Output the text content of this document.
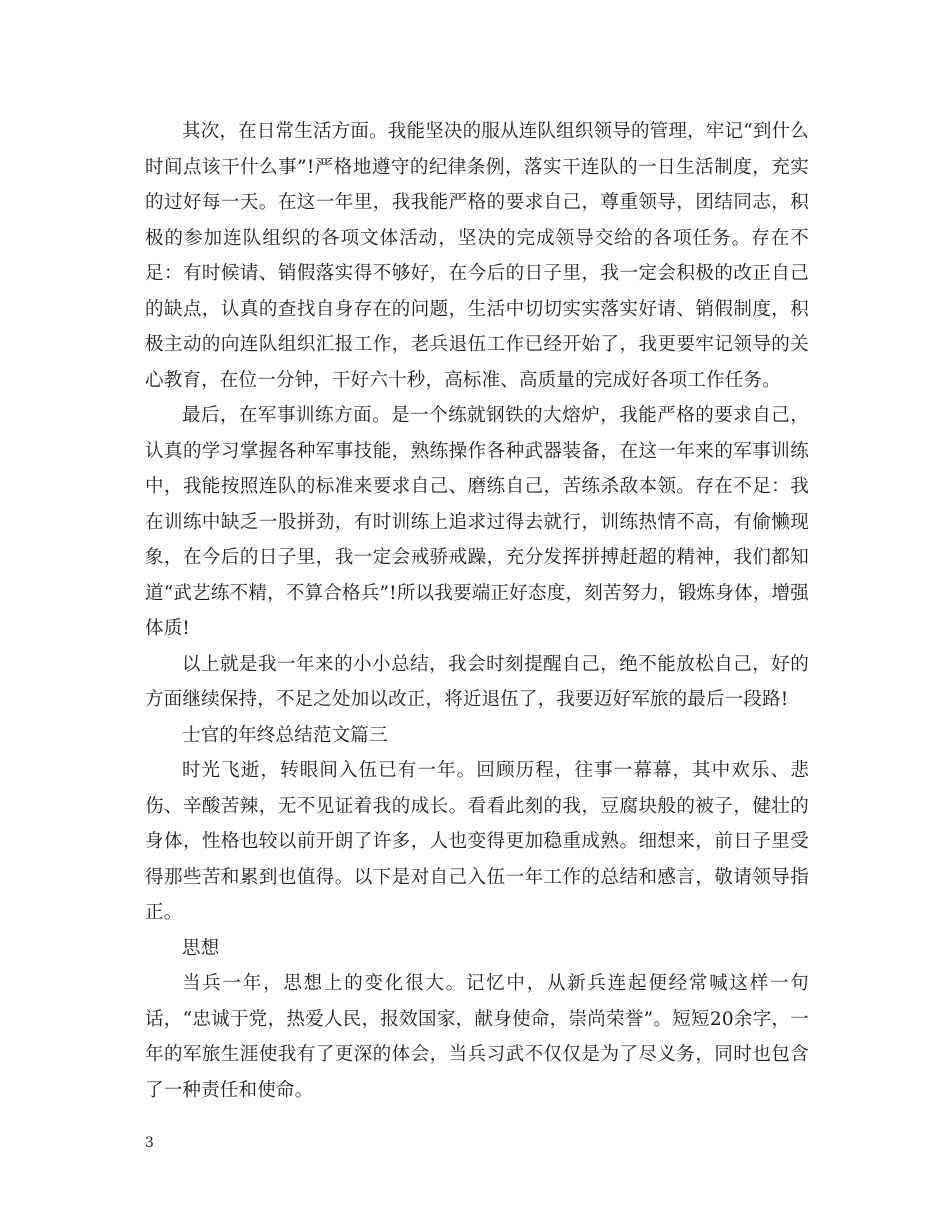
其次，在日常生活方面。我能坚决的服从连队组织领导的管理，牢记“到什么时间点该干什么事”!严格地遵守的纪律条例，落实干连队的一日生活制度，充实的过好每一天。在这一年里，我我能严格的要求自己，尊重领导，团结同志，积极的参加连队组织的各项文体活动，坚决的完成领导交给的各项任务。存在不足：有时候请、销假落实得不够好，在今后的日子里，我一定会积极的改正自己的缺点，认真的查找自身存在的问题，生活中切切实实落实好请、销假制度，积极主动的向连队组织汇报工作，老兵退伍工作已经开始了，我更要牢记领导的关心教育，在位一分钟，干好六十秒，高标准、高质量的完成好各项工作任务。

最后，在军事训练方面。是一个练就钢铁的大熔炉，我能严格的要求自己，认真的学习掌握各种军事技能，熟练操作各种武器装备，在这一年来的军事训练中，我能按照连队的标准来要求自己、磨练自己，苦练杀敌本领。存在不足：我在训练中缺乏一股拼劲，有时训练上追求过得去就行，训练热情不高，有偷懒现象，在今后的日子里，我一定会戒骄戒躁，充分发挥拼搏赶超的精神，我们都知道“武艺练不精，不算合格兵”!所以我要端正好态度，刻苦努力，锻炼身体，增强体质!

以上就是我一年来的小小总结，我会时刻提醒自己，绝不能放松自己，好的方面继续保持，不足之处加以改正，将近退伍了，我要迈好军旅的最后一段路!

士官的年终总结范文篇三

时光飞逝，转眼间入伍已有一年。回顾历程，往事一幕幕，其中欢乐、悲伤、辛酸苦辣，无不见证着我的成长。看看此刻的我，豆腐块般的被子，健壮的身体，性格也较以前开朗了许多，人也变得更加稳重成熟。细想来，前日子里受得那些苦和累到也值得。以下是对自己入伍一年工作的总结和感言，敬请领导指正。

思想

当兵一年，思想上的变化很大。记忆中，从新兵连起便经常喊这样一句话，“忠诚于党，热爱人民，报效国家，献身使命，崇尚荣誉”。短短20余字，一年的军旅生涯使我有了更深的体会，当兵习武不仅仅是为了尽义务，同时也包含了一种责任和使命。

3
